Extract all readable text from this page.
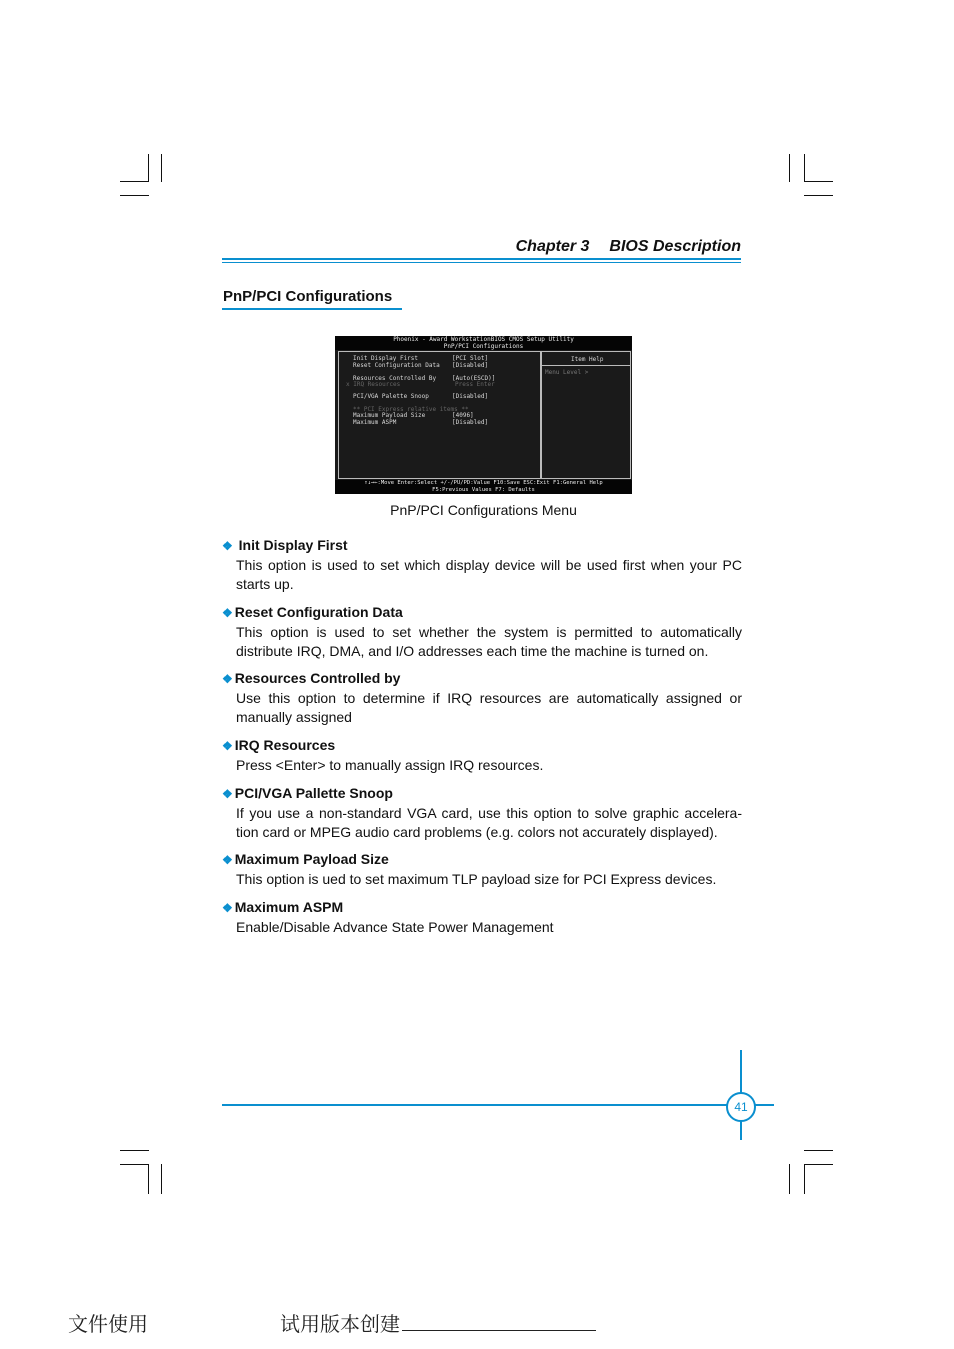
Chapter 3 BIOS Description
PnP/PCI Configurations
Phoenix - Award WorkstationBIOS CMOS Setup Utility
PnP/PCI Configurations
Init Display First	[PCI Slot]
Reset Configuration Data [Disabled]
Resources Controlled By	[Auto(ESCD)]
x IRQ Resources	Press Enter
PCI/VGA Palette Snoop	[Disabled]
** PCI Express relative items **
Maximum Payload Size	[4096]
Maximum ASPM	[Disabled]
Item Help
Menu Level >
↑↓→←:Move Enter:Select +/-/PU/PD:Value F10:Save ESC:Exit F1:General Help
F5:Previous Values F7: Defaults
PnP/PCI Configurations Menu
❖ Init Display First
This option is used to set which display device will be used first when your PC starts up.
❖ Reset Configuration Data
This option is used to set whether the system is permitted to automatically distribute IRQ, DMA, and I/O addresses each time the machine is turned on.
❖ Resources Controlled by
Use this option to determine if IRQ resources are automatically assigned or manually assigned
❖ IRQ Resources
Press <Enter> to manually assign IRQ resources.
❖ PCI/VGA Pallette Snoop
If you use a non-standard VGA card, use this option to solve graphic accelera-tion card or MPEG audio card problems (e.g. colors not accurately displayed).
❖ Maximum Payload Size
This option is ued to set maximum TLP payload size for PCI Express devices.
❖ Maximum ASPM
Enable/Disable Advance State Power Management
41
文件使用	试用版本创建
